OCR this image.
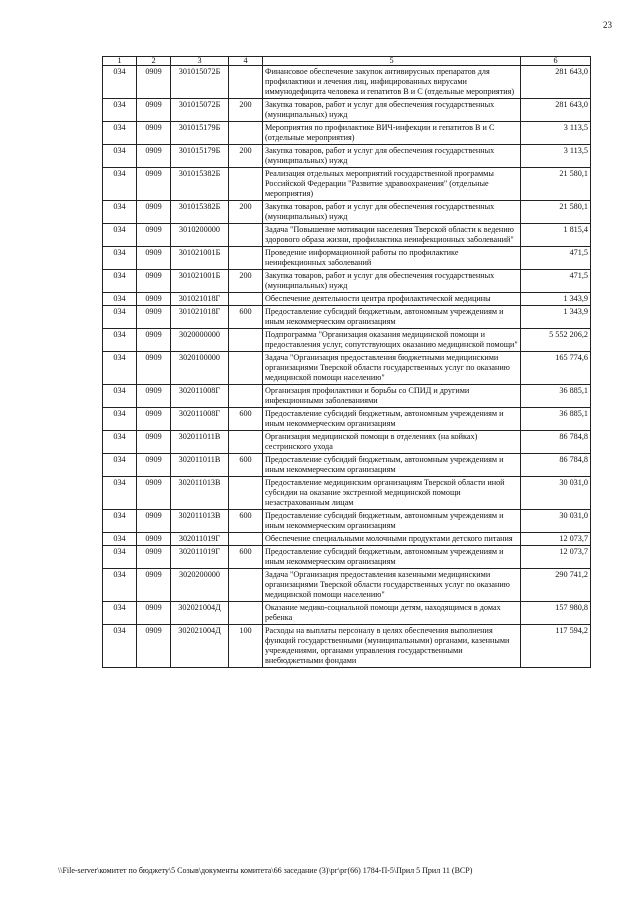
23
1	2	3	4	5	6
034	0909	301015072Б		Финансовое обеспечение закупок антивирусных препаратов для профилактики и лечения лиц, инфицированных вирусами иммунодефицита человека и гепатитов В и С (отдельные мероприятия)	281 643,0
034	0909	301015072Б	200	Закупка товаров, работ и услуг для обеспечения государственных (муниципальных) нужд	281 643,0
034	0909	301015179Б		Мероприятия по профилактике ВИЧ-инфекции и гепатитов В и С (отдельные мероприятия)	3 113,5
034	0909	301015179Б	200	Закупка товаров, работ и услуг для обеспечения государственных (муниципальных) нужд	3 113,5
034	0909	301015382Б		Реализация отдельных мероприятий государственной программы Российской Федерации "Развитие здравоохранения" (отдельные мероприятия)	21 580,1
034	0909	301015382Б	200	Закупка товаров, работ и услуг для обеспечения государственных (муниципальных) нужд	21 580,1
034	0909	3010200000		Задача "Повышение мотивации населения Тверской области к ведению здорового образа жизни, профилактика неинфекционных заболеваний"	1 815,4
034	0909	301021001Б		Проведение информационной работы по профилактике неинфекционных заболеваний	471,5
034	0909	301021001Б	200	Закупка товаров, работ и услуг для обеспечения государственных (муниципальных) нужд	471,5
034	0909	301021018Г		Обеспечение деятельности центра профилактической медицины	1 343,9
034	0909	301021018Г	600	Предоставление субсидий бюджетным, автономным учреждениям и иным некоммерческим организациям	1 343,9
034	0909	3020000000		Подпрограмма "Организация оказания медицинской помощи и предоставления услуг, сопутствующих оказанию медицинской помощи"	5 552 206,2
034	0909	3020100000		Задача "Организация предоставления бюджетными медицинскими организациями Тверской области государственных услуг по оказанию медицинской помощи населению"	165 774,6
034	0909	302011008Г		Организация профилактики и борьбы со СПИД и другими инфекционными заболеваниями	36 885,1
034	0909	302011008Г	600	Предоставление субсидий бюджетным, автономным учреждениям и иным некоммерческим организациям	36 885,1
034	0909	302011011В		Организация медицинской помощи в отделениях (на койках) сестринского ухода	86 784,8
034	0909	302011011В	600	Предоставление субсидий бюджетным, автономным учреждениям и иным некоммерческим организациям	86 784,8
034	0909	302011013В		Предоставление медицинским организациям Тверской области иной субсидии на оказание экстренной медицинской помощи незастрахованным лицам	30 031,0
034	0909	302011013В	600	Предоставление субсидий бюджетным, автономным учреждениям и иным некоммерческим организациям	30 031,0
034	0909	302011019Г		Обеспечение специальными молочными продуктами детского питания	12 073,7
034	0909	302011019Г	600	Предоставление субсидий бюджетным, автономным учреждениям и иным некоммерческим организациям	12 073,7
034	0909	3020200000		Задача "Организация предоставления казенными медицинскими организациями Тверской области государственных услуг по оказанию медицинской помощи населению"	290 741,2
034	0909	302021004Д		Оказание медико-социальной помощи детям, находящимся в домах ребенка	157 980,8
034	0909	302021004Д	100	Расходы на выплаты персоналу в целях обеспечения выполнения функций государственными (муниципальными) органами, казенными учреждениями, органами управления государственными внебюджетными фондами	117 594,2
\\File-server\комитет по бюджету\5 Созыв\документы комитета\66 заседание (3)\рг\рг(66) 1784-П-5\Прил 5 Прил 11 (ВСР)
